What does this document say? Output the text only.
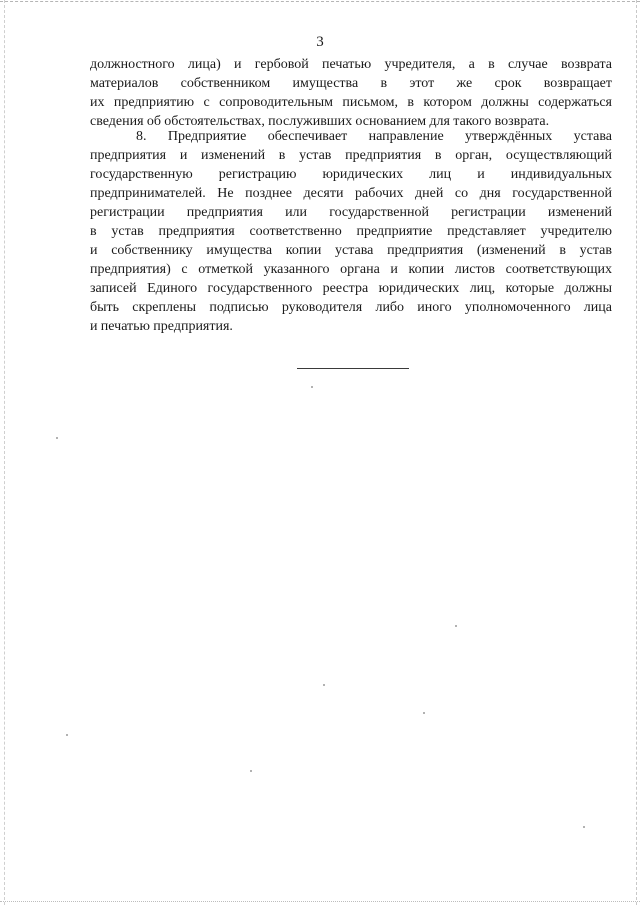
3
должностного лица) и гербовой печатью учредителя, а в случае возврата
материалов собственником имущества в этот же срок возвращает
их предприятию с сопроводительным письмом, в котором должны содержаться
сведения об обстоятельствах, послуживших основанием для такого возврата.
8. Предприятие обеспечивает направление утверждённых устава
предприятия и изменений в устав предприятия в орган, осуществляющий
государственную регистрацию юридических лиц и индивидуальных
предпринимателей. Не позднее десяти рабочих дней со дня государственной
регистрации предприятия или государственной регистрации изменений
в устав предприятия соответственно предприятие представляет учредителю
и собственнику имущества копии устава предприятия (изменений в устав
предприятия) с отметкой указанного органа и копии листов соответствующих
записей Единого государственного реестра юридических лиц, которые должны
быть скреплены подписью руководителя либо иного уполномоченного лица
и печатью предприятия.
